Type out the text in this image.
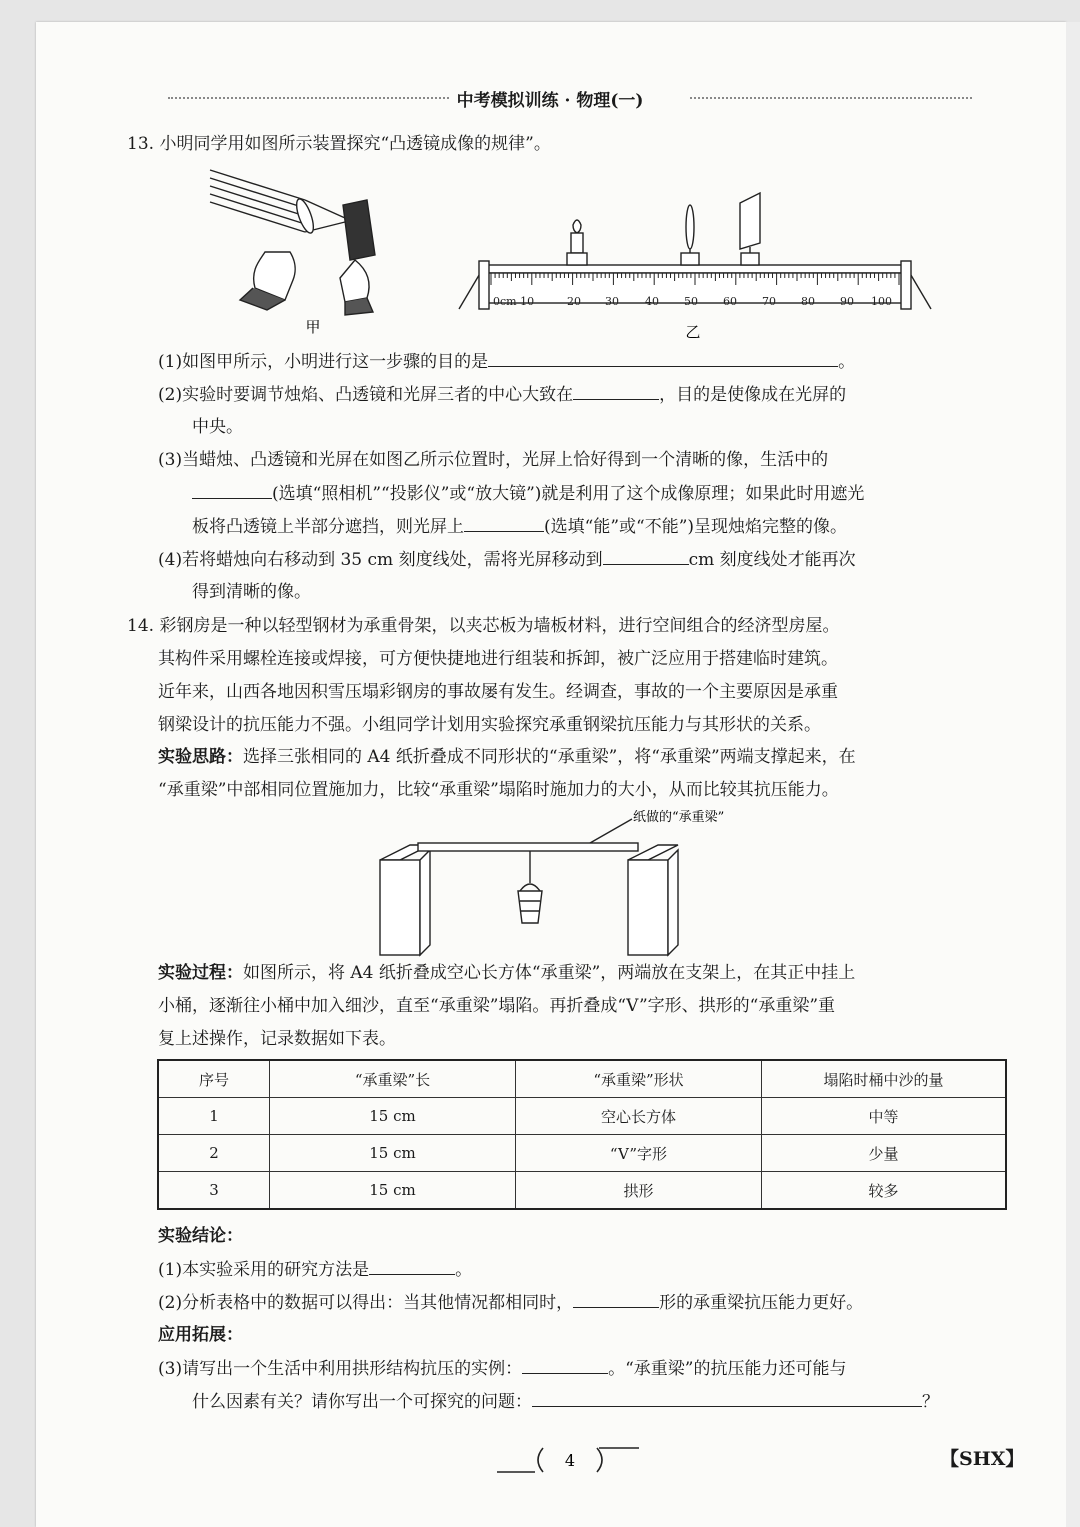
中考模拟训练 · 物理(一)
13. 小明同学用如图所示装置探究“凸透镜成像的规律”。
甲
0cm 10	20 30 40 50 60 70 80 90 100
乙
(1)如图甲所示，小明进行这一步骤的目的是	。
(2)实验时要调节烛焰、凸透镜和光屏三者的中心大致在	，目的是使像成在光屏的
中央。
(3)当蜡烛、凸透镜和光屏在如图乙所示位置时，光屏上恰好得到一个清晰的像，生活中的
(选填“照相机”“投影仪”或“放大镜”)就是利用了这个成像原理；如果此时用遮光
板将凸透镜上半部分遮挡，则光屏上	(选填“能”或“不能”)呈现烛焰完整的像。
(4)若将蜡烛向右移动到 35 cm 刻度线处，需将光屏移动到	cm 刻度线处才能再次
得到清晰的像。
14. 彩钢房是一种以轻型钢材为承重骨架，以夹芯板为墙板材料，进行空间组合的经济型房屋。
其构件采用螺栓连接或焊接，可方便快捷地进行组装和拆卸，被广泛应用于搭建临时建筑。
近年来，山西各地因积雪压塌彩钢房的事故屡有发生。经调查，事故的一个主要原因是承重
钢梁设计的抗压能力不强。小组同学计划用实验探究承重钢梁抗压能力与其形状的关系。
实验思路：选择三张相同的 A4 纸折叠成不同形状的“承重梁”，将“承重梁”两端支撑起来，在
“承重梁”中部相同位置施加力，比较“承重梁”塌陷时施加力的大小，从而比较其抗压能力。
纸做的“承重梁”
实验过程：如图所示，将 A4 纸折叠成空心长方体“承重梁”，两端放在支架上，在其正中挂上
小桶，逐渐往小桶中加入细沙，直至“承重梁”塌陷。再折叠成“V”字形、拱形的“承重梁”重
复上述操作，记录数据如下表。
序号	“承重梁”长	“承重梁”形状	塌陷时桶中沙的量
1	15 cm	空心长方体	中等
2	15 cm	“V”字形	少量
3	15 cm	拱形	较多
实验结论：
(1)本实验采用的研究方法是	。
(2)分析表格中的数据可以得出：当其他情况都相同时，	形的承重梁抗压能力更好。
应用拓展：
(3)请写出一个生活中利用拱形结构抗压的实例：	。“承重梁”的抗压能力还可能与
什么因素有关？请你写出一个可探究的问题：	？
4	【SHX】
